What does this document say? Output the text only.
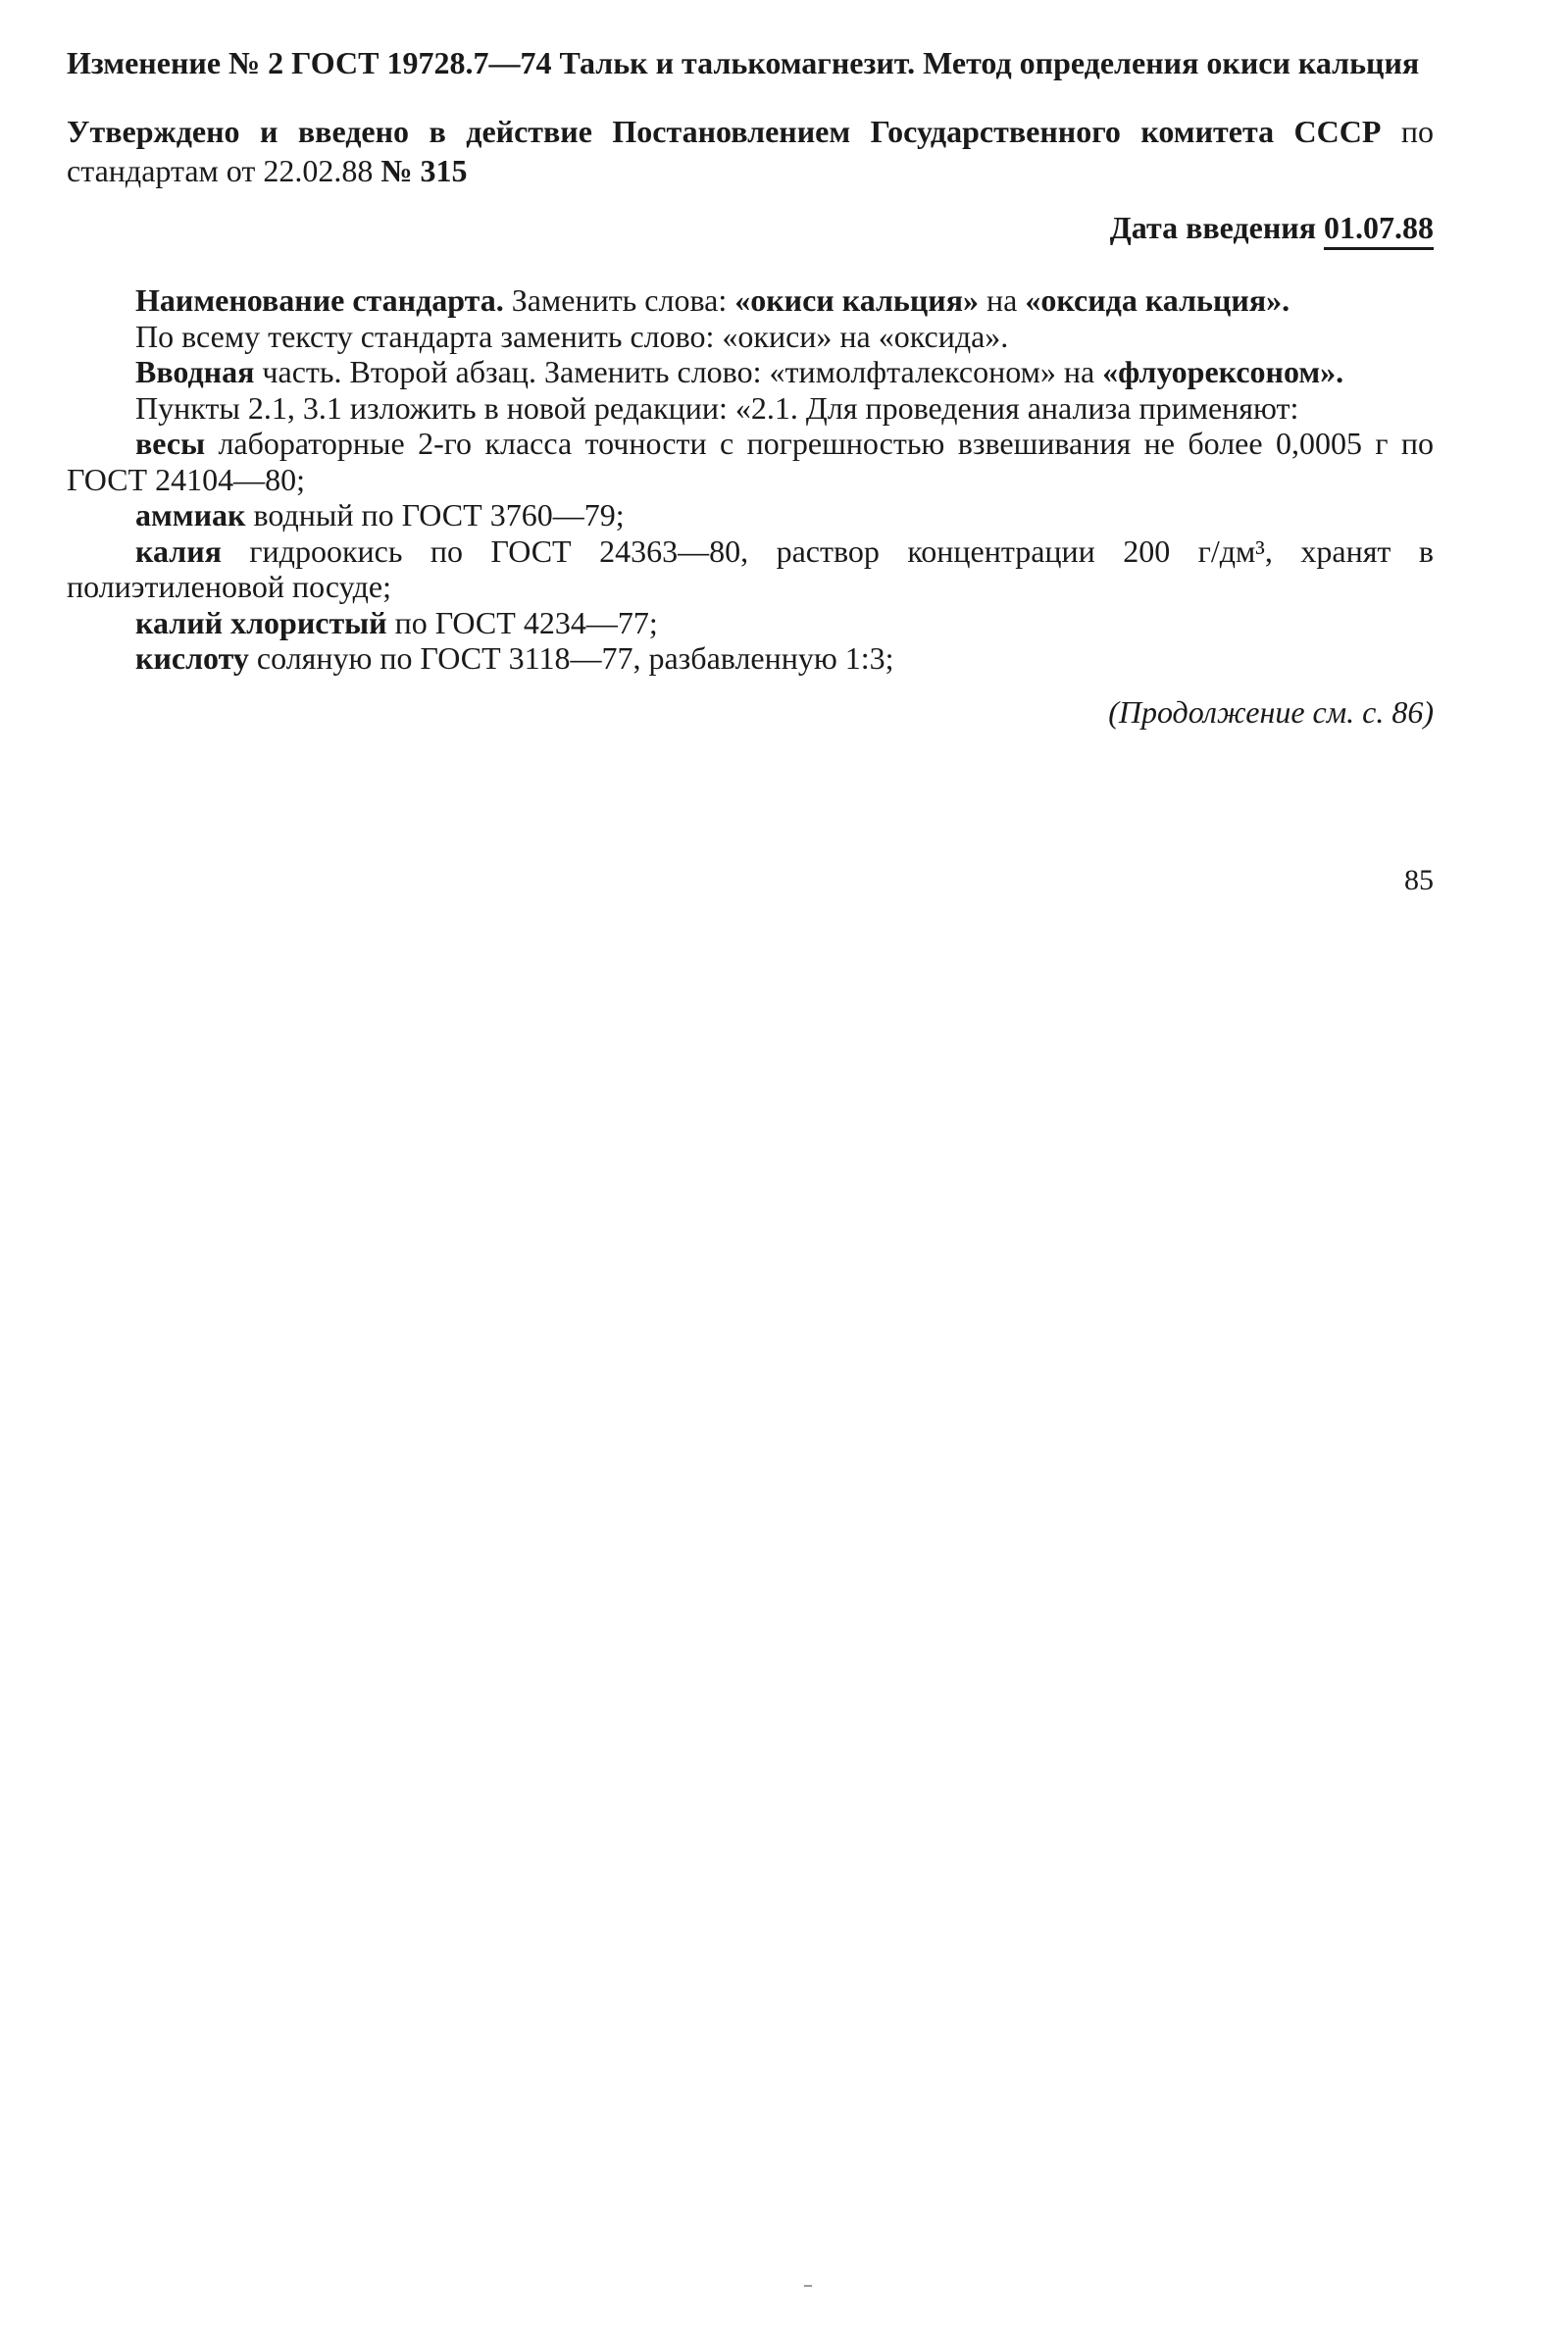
Изменение № 2 ГОСТ 19728.7—74 Тальк и талькомагнезит. Метод определения окиси кальция

Утверждено и введено в действие Постановлением Государственного комитета СССР по стандартам от 22.02.88 № 315

Дата введения 01.07.88

Наименование стандарта. Заменить слова: «окиси кальция» на «оксида кальция».

По всему тексту стандарта заменить слово: «окиси» на «оксида».

Вводная часть. Второй абзац. Заменить слово: «тимолфталексоном» на «флуорексоном».

Пункты 2.1, 3.1 изложить в новой редакции: «2.1. Для проведения анализа применяют:

весы лабораторные 2-го класса точности с погрешностью взвешивания не более 0,0005 г по ГОСТ 24104—80;

аммиак водный по ГОСТ 3760—79;

калия гидроокись по ГОСТ 24363—80, раствор концентрации 200 г/дм³, хранят в полиэтиленовой посуде;

калий хлористый по ГОСТ 4234—77;

кислоту соляную по ГОСТ 3118—77, разбавленную 1:3;

(Продолжение см. с. 86)

85
